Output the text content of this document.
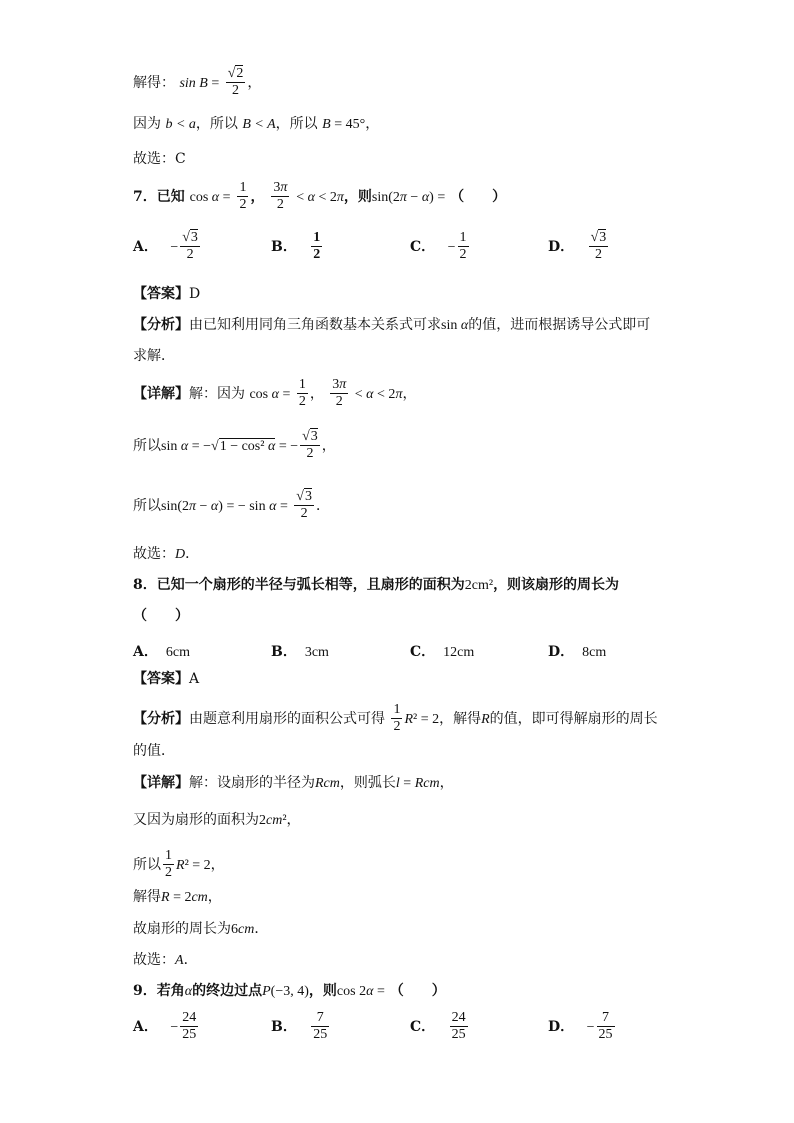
解得： $\sin B = \frac{√2}{2}$ ，
因为 b < a，所以 B < A，所以 B = 45°，
故选：C
7．已知 $\cos \alpha = \frac{1}{2}$ ， $\frac{3\pi}{2} < \alpha < 2\pi$，则sin(2π − α) = （　　）
A． − $\frac{√3}{2}$	B． $\frac{1}{2}$	C． − $\frac{1}{2}$	D． $\frac{√3}{2}$
【答案】D
【分析】由已知利用同角三角函数基本关系式可求sin α的值，进而根据诱导公式即可
求解．
【详解】解：因为 $\cos \alpha = \frac{1}{2}$ ， $\frac{3\pi}{2} < \alpha < 2\pi$，
所以sin α = −√1 − cos² α = − $\frac{√3}{2}$ ，
所以sin(2π − α) = − $\sin \alpha = \frac{√3}{2}$ ．
故选：D．
8．已知一个扇形的半径与弧长相等，且扇形的面积为2cm²，则该扇形的周长为
（　　）
A． 6cm	B． 3cm	C． 12cm	D． 8cm
【答案】A
【分析】由题意利用扇形的面积公式可得 $\frac{1}{2} R^2 = 2$，解得R的值，即可得解扇形的周长
的值．
【详解】解：设扇形的半径为Rcm，则弧长l = Rcm，
又因为扇形的面积为2cm²，
所以 $\frac{1}{2} R^2 = 2$，
解得R = 2cm，
故扇形的周长为6cm．
故选：A．
9．若角α的终边过点P(−3, 4)，则cos 2α = （　　）
A． − $\frac{24}{25}$	B． $\frac{7}{25}$	C． $\frac{24}{25}$	D． − $\frac{7}{25}$
